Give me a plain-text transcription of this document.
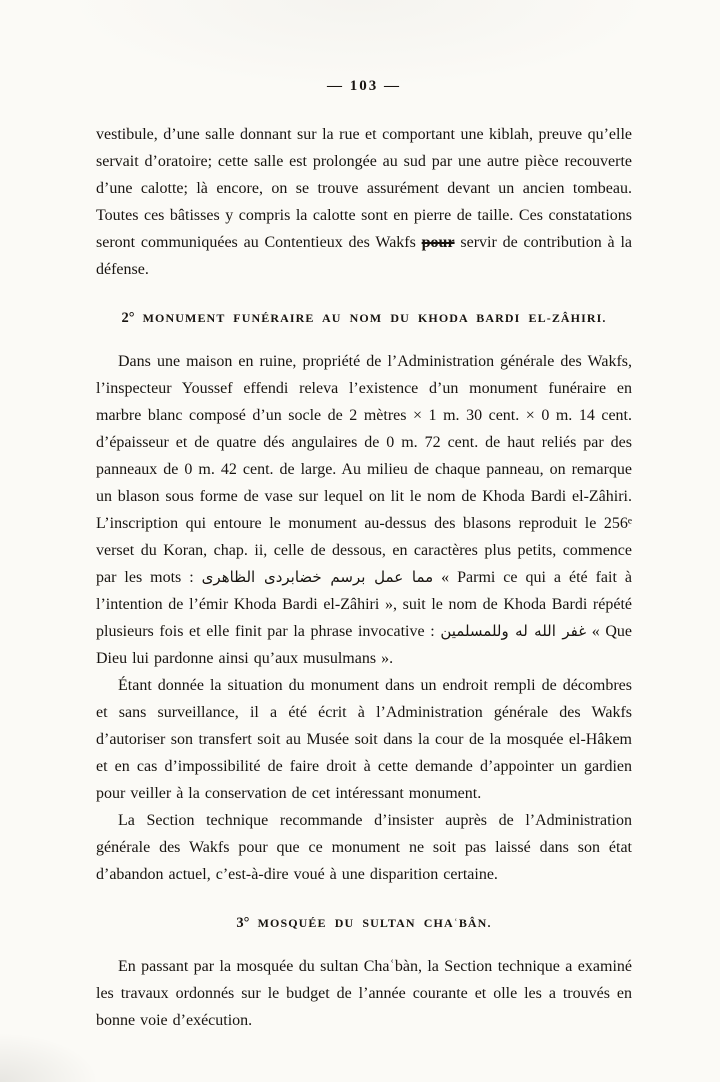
— 103 —

vestibule, d’une salle donnant sur la rue et comportant une kiblah, preuve qu’elle servait d’oratoire; cette salle est prolongée au sud par une autre pièce recouverte d’une calotte; là encore, on se trouve assurément devant un ancien tombeau. Toutes ces bâtisses y compris la calotte sont en pierre de taille. Ces constatations seront communiquées au Contentieux des Wakfs pour servir de contribution à la défense.

2° MONUMENT FUNÉRAIRE AU NOM DU KHODA BARDI EL-ZÂHIRI.

Dans une maison en ruine, propriété de l’Administration générale des Wakfs, l’inspecteur Youssef effendi releva l’existence d’un monument funéraire en marbre blanc composé d’un socle de 2 mètres × 1 m. 30 cent. × 0 m. 14 cent. d’épaisseur et de quatre dés angulaires de 0 m. 72 cent. de haut reliés par des panneaux de 0 m. 42 cent. de large. Au milieu de chaque panneau, on remarque un blason sous forme de vase sur lequel on lit le nom de Khoda Bardi el-Zâhiri. L’inscription qui entoure le monument au-dessus des blasons reproduit le 256ᵉ verset du Koran, chap. ii, celle de dessous, en caractères plus petits, commence par les mots : مما عمل برسم خضابردى الظاهرى « Parmi ce qui a été fait à l’intention de l’émir Khoda Bardi el-Zâhiri », suit le nom de Khoda Bardi répété plusieurs fois et elle finit par la phrase invocative : غفر الله له وللمسلمين « Que Dieu lui pardonne ainsi qu’aux musulmans ».

Étant donnée la situation du monument dans un endroit rempli de décombres et sans surveillance, il a été écrit à l’Administration générale des Wakfs d’autoriser son transfert soit au Musée soit dans la cour de la mosquée el-Hâkem et en cas d’impossibilité de faire droit à cette demande d’appointer un gardien pour veiller à la conservation de cet intéressant monument.

La Section technique recommande d’insister auprès de l’Administration générale des Wakfs pour que ce monument ne soit pas laissé dans son état d’abandon actuel, c’est-à-dire voué à une disparition certaine.

3° MOSQUÉE DU SULTAN CHAʿBÂN.

En passant par la mosquée du sultan Chaʿbàn, la Section technique a examiné les travaux ordonnés sur le budget de l’année courante et olle les a trouvés en bonne voie d’exécution.
